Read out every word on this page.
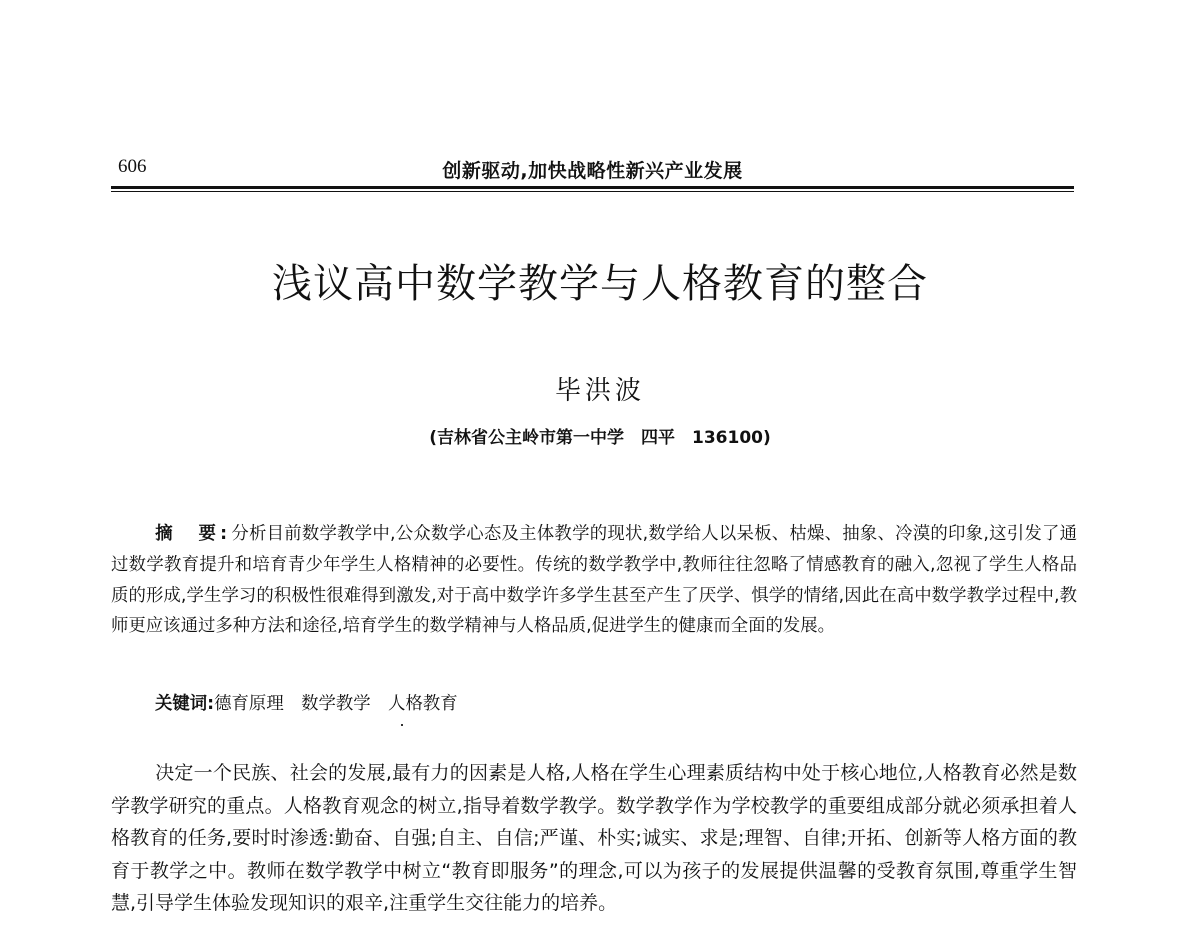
606	创新驱动,加快战略性新兴产业发展
浅议高中数学教学与人格教育的整合
毕洪波
(吉林省公主岭市第一中学　四平　136100)
摘　要:分析目前数学教学中,公众数学心态及主体教学的现状,数学给人以呆板、枯燥、抽象、冷漠的印象,这引发了通过数学教育提升和培育青少年学生人格精神的必要性。传统的数学教学中,教师往往忽略了情感教育的融入,忽视了学生人格品质的形成,学生学习的积极性很难得到激发,对于高中数学许多学生甚至产生了厌学、惧学的情绪,因此在高中数学教学过程中,教师更应该通过多种方法和途径,培育学生的数学精神与人格品质,促进学生的健康而全面的发展。
关键词:德育原理　数学教学　人格教育
决定一个民族、社会的发展,最有力的因素是人格,人格在学生心理素质结构中处于核心地位,人格教育必然是数学教学研究的重点。人格教育观念的树立,指导着数学教学。数学教学作为学校教学的重要组成部分就必须承担着人格教育的任务,要时时渗透:勤奋、自强;自主、自信;严谨、朴实;诚实、求是;理智、自律;开拓、创新等人格方面的教育于教学之中。教师在数学教学中树立“教育即服务”的理念,可以为孩子的发展提供温馨的受教育氛围,尊重学生智慧,引导学生体验发现知识的艰辛,注重学生交往能力的培养。
